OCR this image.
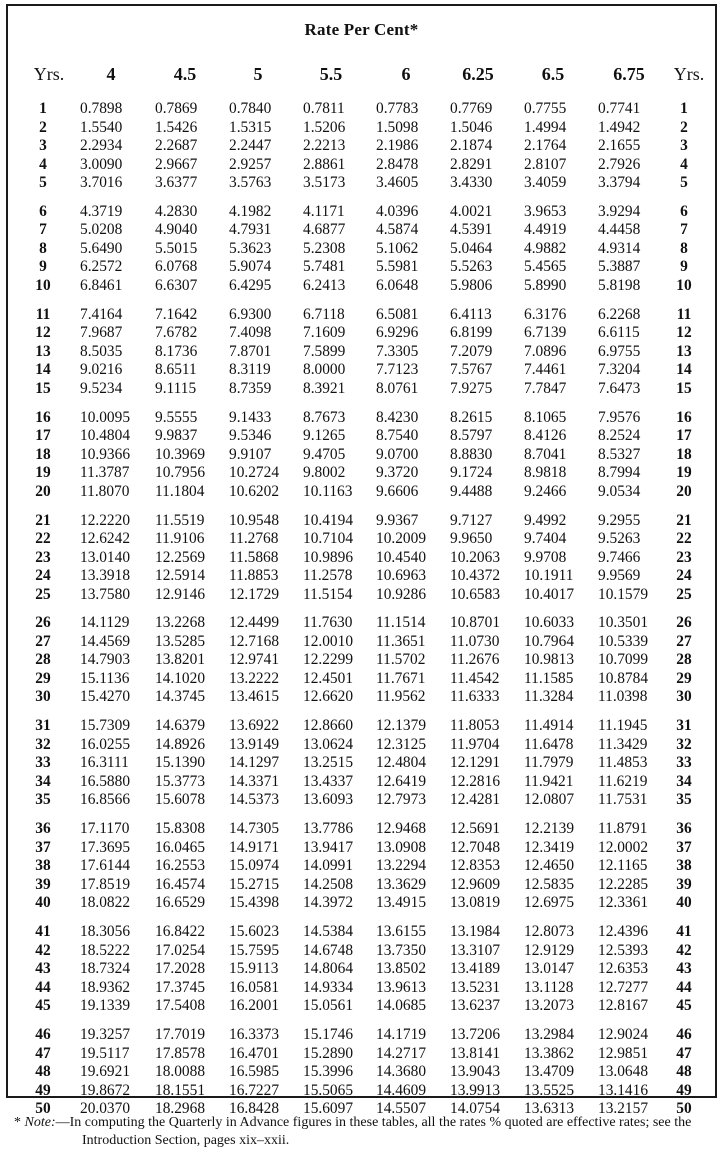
Rate Per Cent*
Yrs. 4	4.5	5	5.5	6	6.25	6.5	6.75 Yrs.
1 0.7898 0.7869 0.7840 0.7811 0.7783 0.7769 0.7755 0.7741	1
2 1.5540 1.5426 1.5315 1.5206 1.5098 1.5046 1.4994 1.4942	2
3 2.2934 2.2687 2.2447 2.2213 2.1986 2.1874 2.1764 2.1655	3
4 3.0090 2.9667 2.9257 2.8861 2.8478 2.8291 2.8107 2.7926	4
5 3.7016 3.6377 3.5763 3.5173 3.4605 3.4330 3.4059 3.3794	5
6 4.3719 4.2830 4.1982 4.1171 4.0396 4.0021 3.9653 3.9294	6
7 5.0208 4.9040 4.7931 4.6877 4.5874 4.5391 4.4919 4.4458	7
8 5.6490 5.5015 5.3623 5.2308 5.1062 5.0464 4.9882 4.9314	8
9 6.2572 6.0768 5.9074 5.7481 5.5981 5.5263 5.4565 5.3887	9
10 6.8461 6.6307 6.4295 6.2413 6.0648 5.9806 5.8990 5.8198 10
11 7.4164 7.1642 6.9300 6.7118 6.5081 6.4113 6.3176 6.2268 11
12 7.9687 7.6782 7.4098 7.1609 6.9296 6.8199 6.7139 6.6115 12
13 8.5035 8.1736 7.8701 7.5899 7.3305 7.2079 7.0896 6.9755 13
14 9.0216 8.6511 8.3119 8.0000 7.7123 7.5767 7.4461 7.3204 14
15 9.5234 9.1115 8.7359 8.3921 8.0761 7.9275 7.7847 7.6473 15
16 10.0095 9.5555 9.1433 8.7673 8.4230 8.2615 8.1065 7.9576 16
17 10.4804 9.9837 9.5346 9.1265 8.7540 8.5797 8.4126 8.2524 17
18 10.9366 10.3969 9.9107 9.4705 9.0700 8.8830 8.7041 8.5327 18
19 11.3787 10.7956 10.2724 9.8002 9.3720 9.1724 8.9818 8.7994 19
20 11.8070 11.1804 10.6202 10.1163 9.6606 9.4488 9.2466 9.0534 20
21 12.2220 11.5519 10.9548 10.4194 9.9367 9.7127 9.4992 9.2955 21
22 12.6242 11.9106 11.2768 10.7104 10.2009 9.9650 9.7404 9.5263 22
23 13.0140 12.2569 11.5868 10.9896 10.4540 10.2063 9.9708 9.7466 23
24 13.3918 12.5914 11.8853 11.2578 10.6963 10.4372 10.1911 9.9569 24
25 13.7580 12.9146 12.1729 11.5154 10.9286 10.6583 10.4017 10.1579 25
26 14.1129 13.2268 12.4499 11.7630 11.1514 10.8701 10.6033 10.3501 26
27 14.4569 13.5285 12.7168 12.0010 11.3651 11.0730 10.7964 10.5339 27
28 14.7903 13.8201 12.9741 12.2299 11.5702 11.2676 10.9813 10.7099 28
29 15.1136 14.1020 13.2222 12.4501 11.7671 11.4542 11.1585 10.8784 29
30 15.4270 14.3745 13.4615 12.6620 11.9562 11.6333 11.3284 11.0398 30
31 15.7309 14.6379 13.6922 12.8660 12.1379 11.8053 11.4914 11.1945 31
32 16.0255 14.8926 13.9149 13.0624 12.3125 11.9704 11.6478 11.3429 32
33 16.3111 15.1390 14.1297 13.2515 12.4804 12.1291 11.7979 11.4853 33
34 16.5880 15.3773 14.3371 13.4337 12.6419 12.2816 11.9421 11.6219 34
35 16.8566 15.6078 14.5373 13.6093 12.7973 12.4281 12.0807 11.7531 35
36 17.1170 15.8308 14.7305 13.7786 12.9468 12.5691 12.2139 11.8791 36
37 17.3695 16.0465 14.9171 13.9417 13.0908 12.7048 12.3419 12.0002 37
38 17.6144 16.2553 15.0974 14.0991 13.2294 12.8353 12.4650 12.1165 38
39 17.8519 16.4574 15.2715 14.2508 13.3629 12.9609 12.5835 12.2285 39
40 18.0822 16.6529 15.4398 14.3972 13.4915 13.0819 12.6975 12.3361 40
41 18.3056 16.8422 15.6023 14.5384 13.6155 13.1984 12.8073 12.4396 41
42 18.5222 17.0254 15.7595 14.6748 13.7350 13.3107 12.9129 12.5393 42
43 18.7324 17.2028 15.9113 14.8064 13.8502 13.4189 13.0147 12.6353 43
44 18.9362 17.3745 16.0581 14.9334 13.9613 13.5231 13.1128 12.7277 44
45 19.1339 17.5408 16.2001 15.0561 14.0685 13.6237 13.2073 12.8167 45
46 19.3257 17.7019 16.3373 15.1746 14.1719 13.7206 13.2984 12.9024 46
47 19.5117 17.8578 16.4701 15.2890 14.2717 13.8141 13.3862 12.9851 47
48 19.6921 18.0088 16.5985 15.3996 14.3680 13.9043 13.4709 13.0648 48
49 19.8672 18.1551 16.7227 15.5065 14.4609 13.9913 13.5525 13.1416 49
50 20.0370 18.2968 16.8428 15.6097 14.5507 14.0754 13.6313 13.2157 50
* Note:—In computing the Quarterly in Advance figures in these tables, all the rates % quoted are effective rates; see the
Introduction Section, pages xix–xxii.
